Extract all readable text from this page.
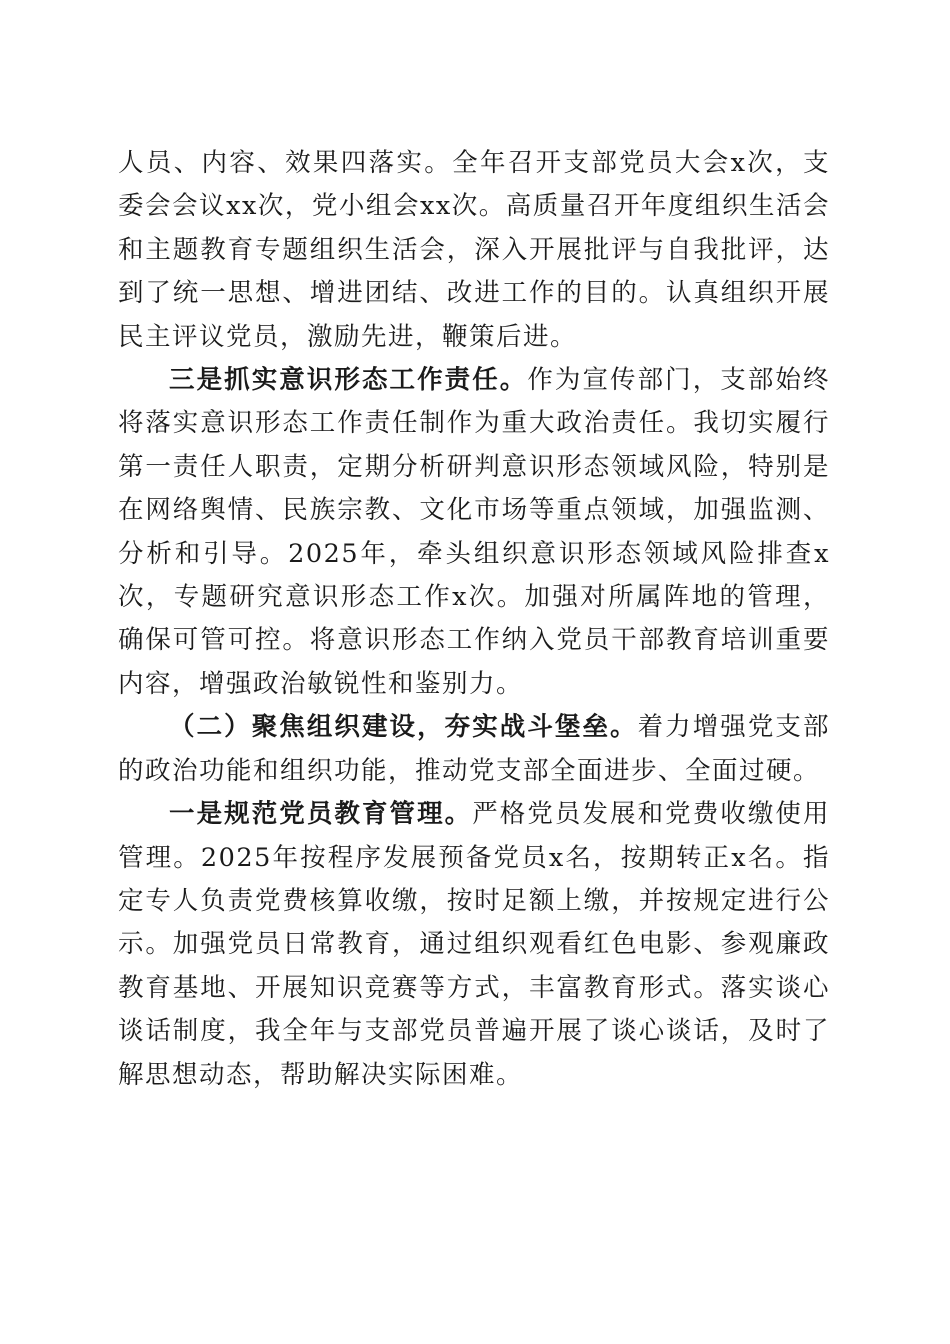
人员、内容、效果四落实。全年召开支部党员大会x次，支委会会议xx次，党小组会xx次。高质量召开年度组织生活会和主题教育专题组织生活会，深入开展批评与自我批评，达到了统一思想、增进团结、改进工作的目的。认真组织开展民主评议党员，激励先进，鞭策后进。

三是抓实意识形态工作责任。作为宣传部门，支部始终将落实意识形态工作责任制作为重大政治责任。我切实履行第一责任人职责，定期分析研判意识形态领域风险，特别是在网络舆情、民族宗教、文化市场等重点领域，加强监测、分析和引导。2025年，牵头组织意识形态领域风险排查x次，专题研究意识形态工作x次。加强对所属阵地的管理，确保可管可控。将意识形态工作纳入党员干部教育培训重要内容，增强政治敏锐性和鉴别力。

（二）聚焦组织建设，夯实战斗堡垒。着力增强党支部的政治功能和组织功能，推动党支部全面进步、全面过硬。

一是规范党员教育管理。严格党员发展和党费收缴使用管理。2025年按程序发展预备党员x名，按期转正x名。指定专人负责党费核算收缴，按时足额上缴，并按规定进行公示。加强党员日常教育，通过组织观看红色电影、参观廉政教育基地、开展知识竞赛等方式，丰富教育形式。落实谈心谈话制度，我全年与支部党员普遍开展了谈心谈话，及时了解思想动态，帮助解决实际困难。
